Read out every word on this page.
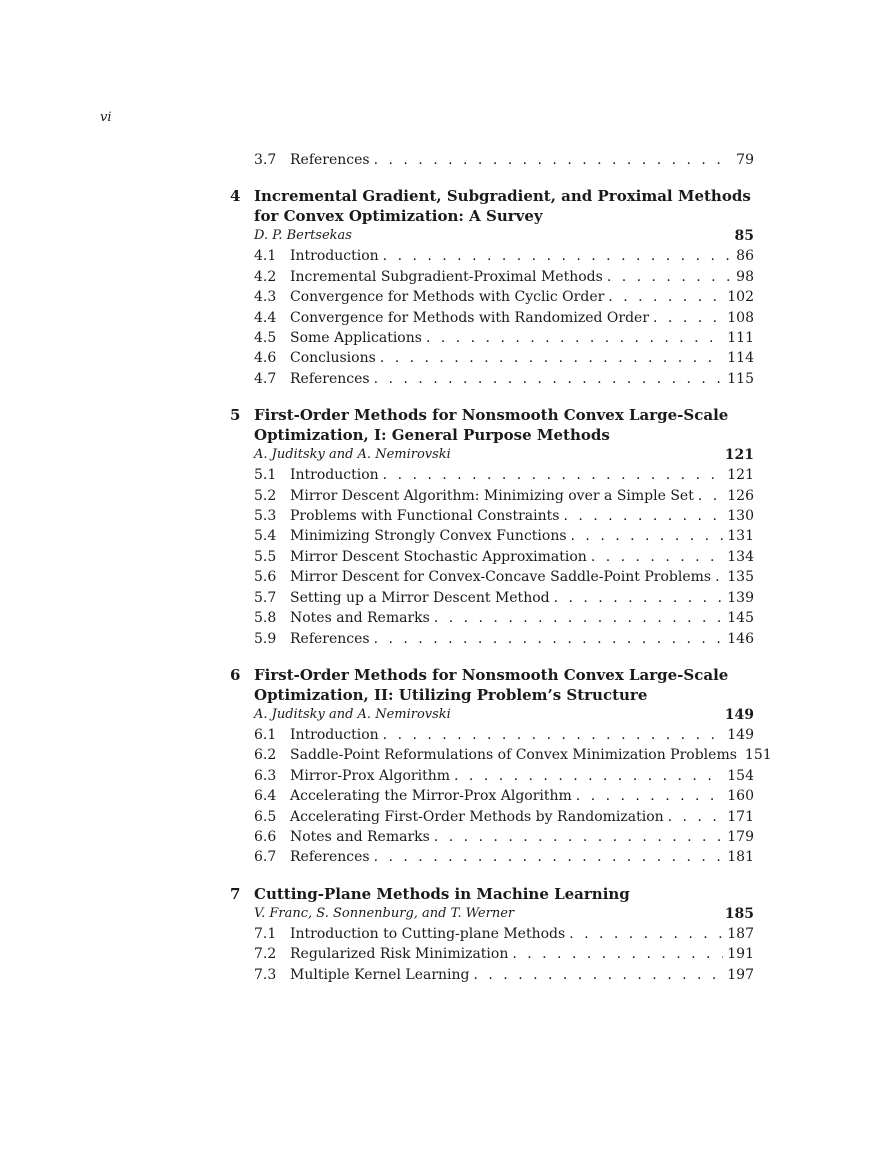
vi
3.7 References . . .	79
4 Incremental Gradient, Subgradient, and Proximal Methods for Convex Optimization: A Survey
D. P. Bertsekas	85
4.1 Introduction . . .	86
4.2 Incremental Subgradient-Proximal Methods . . .	98
4.3 Convergence for Methods with Cyclic Order . . .	102
4.4 Convergence for Methods with Randomized Order . . .	108
4.5 Some Applications . . .	111
4.6 Conclusions . . .	114
4.7 References . . .	115
5 First-Order Methods for Nonsmooth Convex Large-Scale Optimization, I: General Purpose Methods
A. Juditsky and A. Nemirovski	121
5.1 Introduction . . .	121
5.2 Mirror Descent Algorithm: Minimizing over a Simple Set . . . 126
5.3 Problems with Functional Constraints . . .	130
5.4 Minimizing Strongly Convex Functions . . .	131
5.5 Mirror Descent Stochastic Approximation . . .	134
5.6 Mirror Descent for Convex-Concave Saddle-Point Problems . . . 135
5.7 Setting up a Mirror Descent Method . . .	139
5.8 Notes and Remarks . . .	145
5.9 References . . .	146
6 First-Order Methods for Nonsmooth Convex Large-Scale Optimization, II: Utilizing Problem’s Structure
A. Juditsky and A. Nemirovski	149
6.1 Introduction . . .	149
6.2 Saddle-Point Reformulations of Convex Minimization Problems 151
6.3 Mirror-Prox Algorithm . . .	154
6.4 Accelerating the Mirror-Prox Algorithm . . .	160
6.5 Accelerating First-Order Methods by Randomization . . .	171
6.6 Notes and Remarks . . .	179
6.7 References . . .	181
7 Cutting-Plane Methods in Machine Learning
V. Franc, S. Sonnenburg, and T. Werner	185
7.1 Introduction to Cutting-plane Methods . . .	187
7.2 Regularized Risk Minimization . . .	191
7.3 Multiple Kernel Learning . . .	197
